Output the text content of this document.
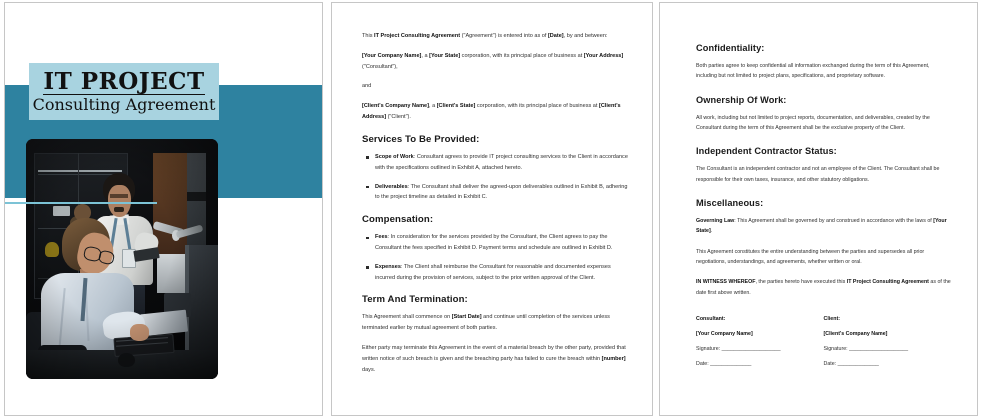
IT PROJECT
Consulting Agreement

This IT Project Consulting Agreement ("Agreement") is entered into as of [Date], by and between:

[Your Company Name], a [Your State] corporation, with its principal place of business at [Your Address] ("Consultant"),

and

[Client's Company Name], a [Client's State] corporation, with its principal place of business at [Client's Address] ("Client").

Services To Be Provided:
Scope of Work: Consultant agrees to provide IT project consulting services to the Client in accordance with the specifications outlined in Exhibit A, attached hereto.
Deliverables: The Consultant shall deliver the agreed-upon deliverables outlined in Exhibit B, adhering to the project timeline as detailed in Exhibit C.
Compensation:
Fees: In consideration for the services provided by the Consultant, the Client agrees to pay the Consultant the fees specified in Exhibit D. Payment terms and schedule are outlined in Exhibit D.
Expenses: The Client shall reimburse the Consultant for reasonable and documented expenses incurred during the provision of services, subject to the prior written approval of the Client.
Term And Termination:

This Agreement shall commence on [Start Date] and continue until completion of the services unless terminated earlier by mutual agreement of both parties.

Either party may terminate this Agreement in the event of a material breach by the other party, provided that written notice of such breach is given and the breaching party has failed to cure the breach within [number] days.

Confidentiality:

Both parties agree to keep confidential all information exchanged during the term of this Agreement, including but not limited to project plans, specifications, and proprietary software.

Ownership Of Work:

All work, including but not limited to project reports, documentation, and deliverables, created by the Consultant during the term of this Agreement shall be the exclusive property of the Client.

Independent Contractor Status:

The Consultant is an independent contractor and not an employee of the Client. The Consultant shall be responsible for their own taxes, insurance, and other statutory obligations.

Miscellaneous:

Governing Law: This Agreement shall be governed by and construed in accordance with the laws of [Your State].

This Agreement constitutes the entire understanding between the parties and supersedes all prior negotiations, understandings, and agreements, whether written or oral.

IN WITNESS WHEREOF, the parties hereto have executed this IT Project Consulting Agreement as of the date first above written.

Consultant:
[Your Company Name]
Signature: ____________________
Date: ______________
Client:
[Client's Company Name]
Signature: ____________________
Date: ______________
